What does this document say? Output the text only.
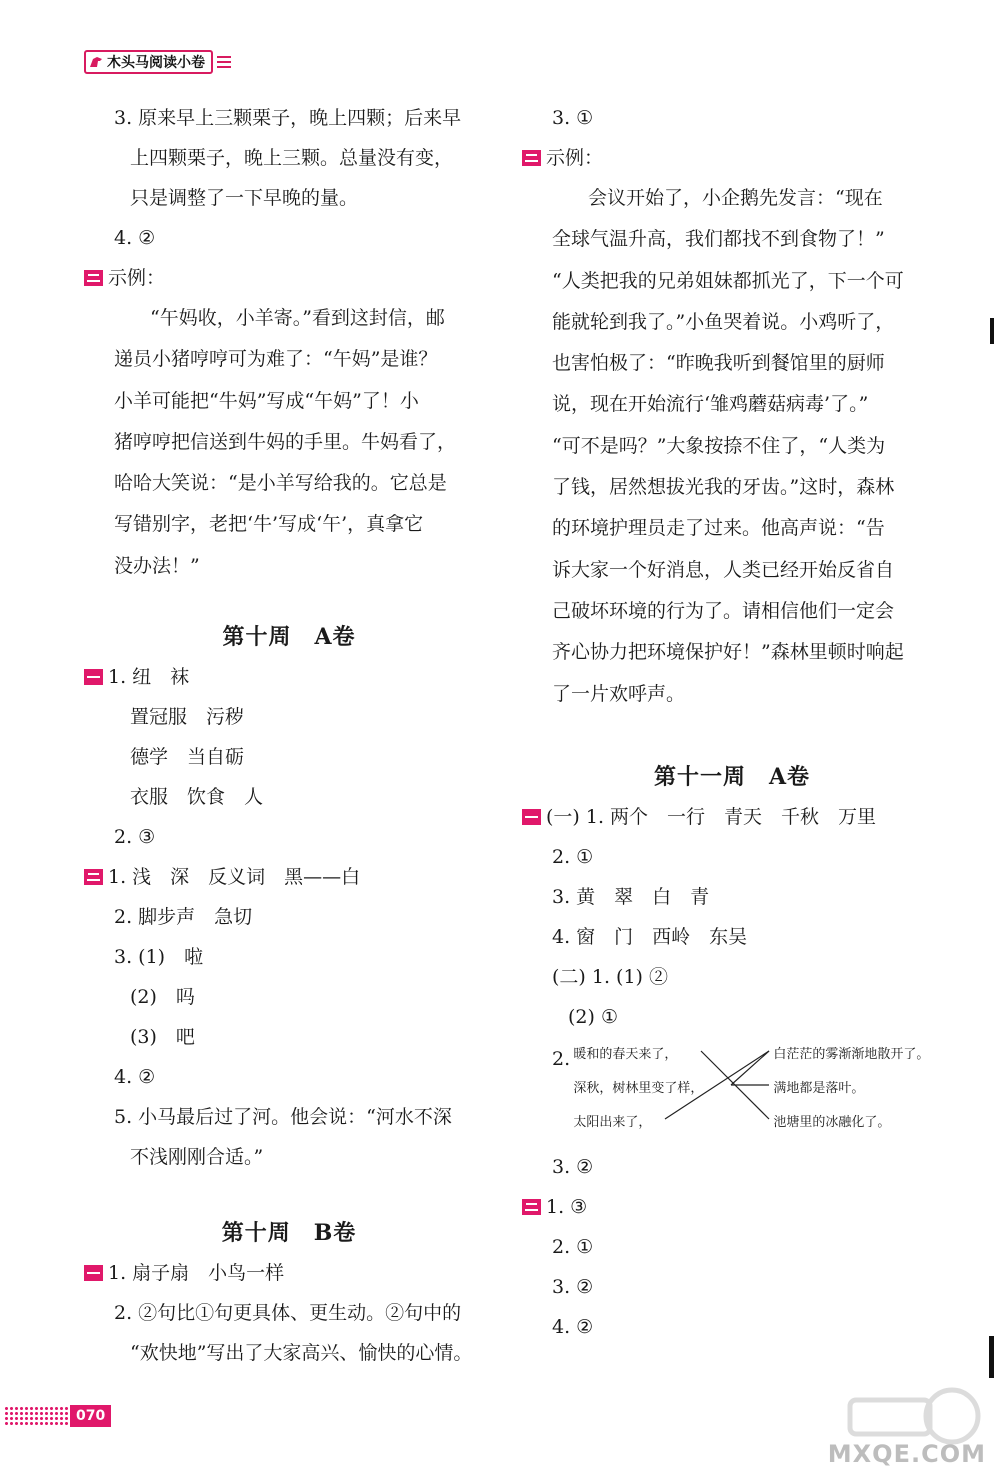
木头马阅读小卷
3. 原来早上三颗栗子，晚上四颗；后来早
上四颗栗子，晚上三颗。总量没有变，
只是调整了一下早晚的量。
4. ②
示例：
“午妈收，小羊寄。”看到这封信，邮
递员小猪哼哼可为难了：“午妈”是谁？
小羊可能把“牛妈”写成“午妈”了！小
猪哼哼把信送到牛妈的手里。牛妈看了，
哈哈大笑说：“是小羊写给我的。它总是
写错别字，老把‘牛’写成‘午’，真拿它
没办法！”
第十周　A卷
1. 纽　袜
置冠服　污秽
德学　当自砺
衣服　饮食　人
2. ③
1. 浅　深　反义词　黑——白
2. 脚步声　急切
3. (1)　啦
(2)　吗
(3)　吧
4. ②
5. 小马最后过了河。他会说：“河水不深
不浅刚刚合适。”
第十周　B卷
1. 扇子扇　小鸟一样
2. ②句比①句更具体、更生动。②句中的
“欢快地”写出了大家高兴、愉快的心情。
3. ①
示例：
会议开始了，小企鹅先发言：“现在
全球气温升高，我们都找不到食物了！”
“人类把我的兄弟姐妹都抓光了，下一个可
能就轮到我了。”小鱼哭着说。小鸡听了，
也害怕极了：“昨晚我听到餐馆里的厨师
说，现在开始流行‘雏鸡蘑菇病毒’了。”
“可不是吗？”大象按捺不住了，“人类为
了钱，居然想拔光我的牙齿。”这时，森林
的环境护理员走了过来。他高声说：“告
诉大家一个好消息，人类已经开始反省自
己破坏环境的行为了。请相信他们一定会
齐心协力把环境保护好！”森林里顿时响起
了一片欢呼声。
第十一周　A卷
(一) 1. 两个　一行　青天　千秋　万里
2. ①
3. 黄　翠　白　青
4. 窗　门　西岭　东吴
(二) 1. (1) ②
(2) ①
2. 暖和的春天来了，
深秋，树林里变了样，
太阳出来了，
白茫茫的雾渐渐地散开了。
满地都是落叶。
池塘里的冰融化了。
3. ②
1. ③
2. ①
3. ②
4. ②
070
MXQE.COM
